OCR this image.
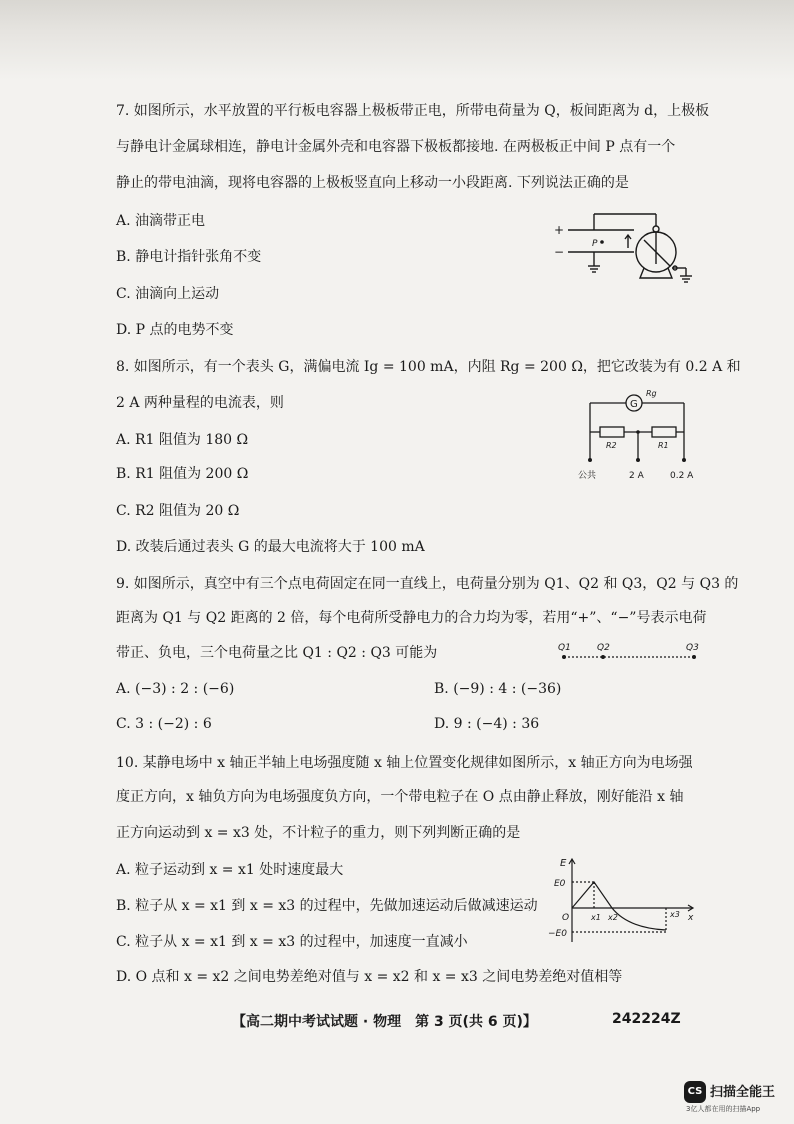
7. 如图所示，水平放置的平行板电容器上极板带正电，所带电荷量为 Q，板间距离为 d，上极板
与静电计金属球相连，静电计金属外壳和电容器下极板都接地. 在两极板正中间 P 点有一个
静止的带电油滴，现将电容器的上极板竖直向上移动一小段距离. 下列说法正确的是
A. 油滴带正电
B. 静电计指针张角不变
C. 油滴向上运动
D. P 点的电势不变
+
−
P
8. 如图所示，有一个表头 G，满偏电流 Ig = 100 mA，内阻 Rg = 200 Ω，把它改装为有 0.2 A 和
2 A 两种量程的电流表，则
A. R1 阻值为 180 Ω
B. R1 阻值为 200 Ω
C. R2 阻值为 20 Ω
D. 改装后通过表头 G 的最大电流将大于 100 mA
G
Rg
R2	R1
公共	2 A	0.2 A
9. 如图所示，真空中有三个点电荷固定在同一直线上，电荷量分别为 Q1、Q2 和 Q3，Q2 与 Q3 的
距离为 Q1 与 Q2 距离的 2 倍，每个电荷所受静电力的合力均为零，若用“+”、“−”号表示电荷
带正、负电，三个电荷量之比 Q1 : Q2 : Q3 可能为
A. (−3) : 2 : (−6)	B. (−9) : 4 : (−36)
C. 3 : (−2) : 6	D. 9 : (−4) : 36
Q1	Q2	Q3
10. 某静电场中 x 轴正半轴上电场强度随 x 轴上位置变化规律如图所示，x 轴正方向为电场强
度正方向，x 轴负方向为电场强度负方向，一个带电粒子在 O 点由静止释放，刚好能沿 x 轴
正方向运动到 x = x3 处，不计粒子的重力，则下列判断正确的是
A. 粒子运动到 x = x1 处时速度最大
B. 粒子从 x = x1 到 x = x3 的过程中，先做加速运动后做减速运动
C. 粒子从 x = x1 到 x = x3 的过程中，加速度一直减小
D. O 点和 x = x2 之间电势差绝对值与 x = x2 和 x = x3 之间电势差绝对值相等
E
E0
−E0
O	x1 x2	x3 x
【高二期中考试试题 · 物理　第 3 页(共 6 页)】	242224Z
CS 扫描全能王
3亿人都在用的扫描App
